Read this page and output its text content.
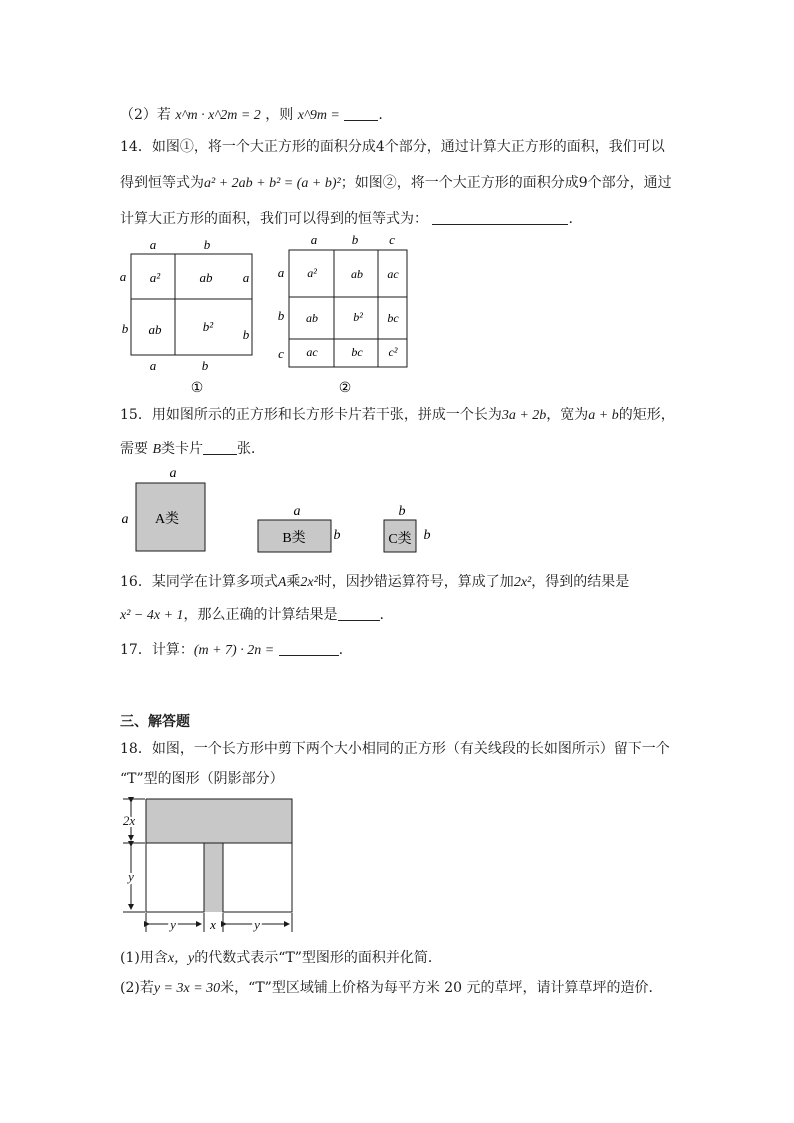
（2）若 x^m · x^2m = 2 ，则 x^9m =	.
14．如图①，将一个大正方形的面积分成4个部分，通过计算大正方形的面积，我们可以
得到恒等式为a² + 2ab + b² = (a + b)²；如图②，将一个大正方形的面积分成9个部分，通过
计算大正方形的面积，我们可以得到的恒等式为：	.
a	b
a
b
a
b
a	b
a²	ab
ab	b²
①
a	b c
a
b
c
a²	ab ac
ab	b² bc
ac	bc c²
②
15．用如图所示的正方形和长方形卡片若干张，拼成一个长为3a + 2b，宽为a + b的矩形，
需要 B类卡片 张．
a
a A类
a
b
B类
b
b
C类
16．某同学在计算多项式A乘2x²时，因抄错运算符号，算成了加2x²，得到的结果是
x² − 4x + 1，那么正确的计算结果是	.
17．计算：(m + 7) · 2n =	.
三、解答题
18．如图，一个长方形中剪下两个大小相同的正方形（有关线段的长如图所示）留下一个
“T”型的图形（阴影部分）
2x
y
y	x	y
(1)用含x，y的代数式表示“T”型图形的面积并化简．
(2)若y = 3x = 30米，“T”型区域铺上价格为每平方米 20 元的草坪，请计算草坪的造价．
